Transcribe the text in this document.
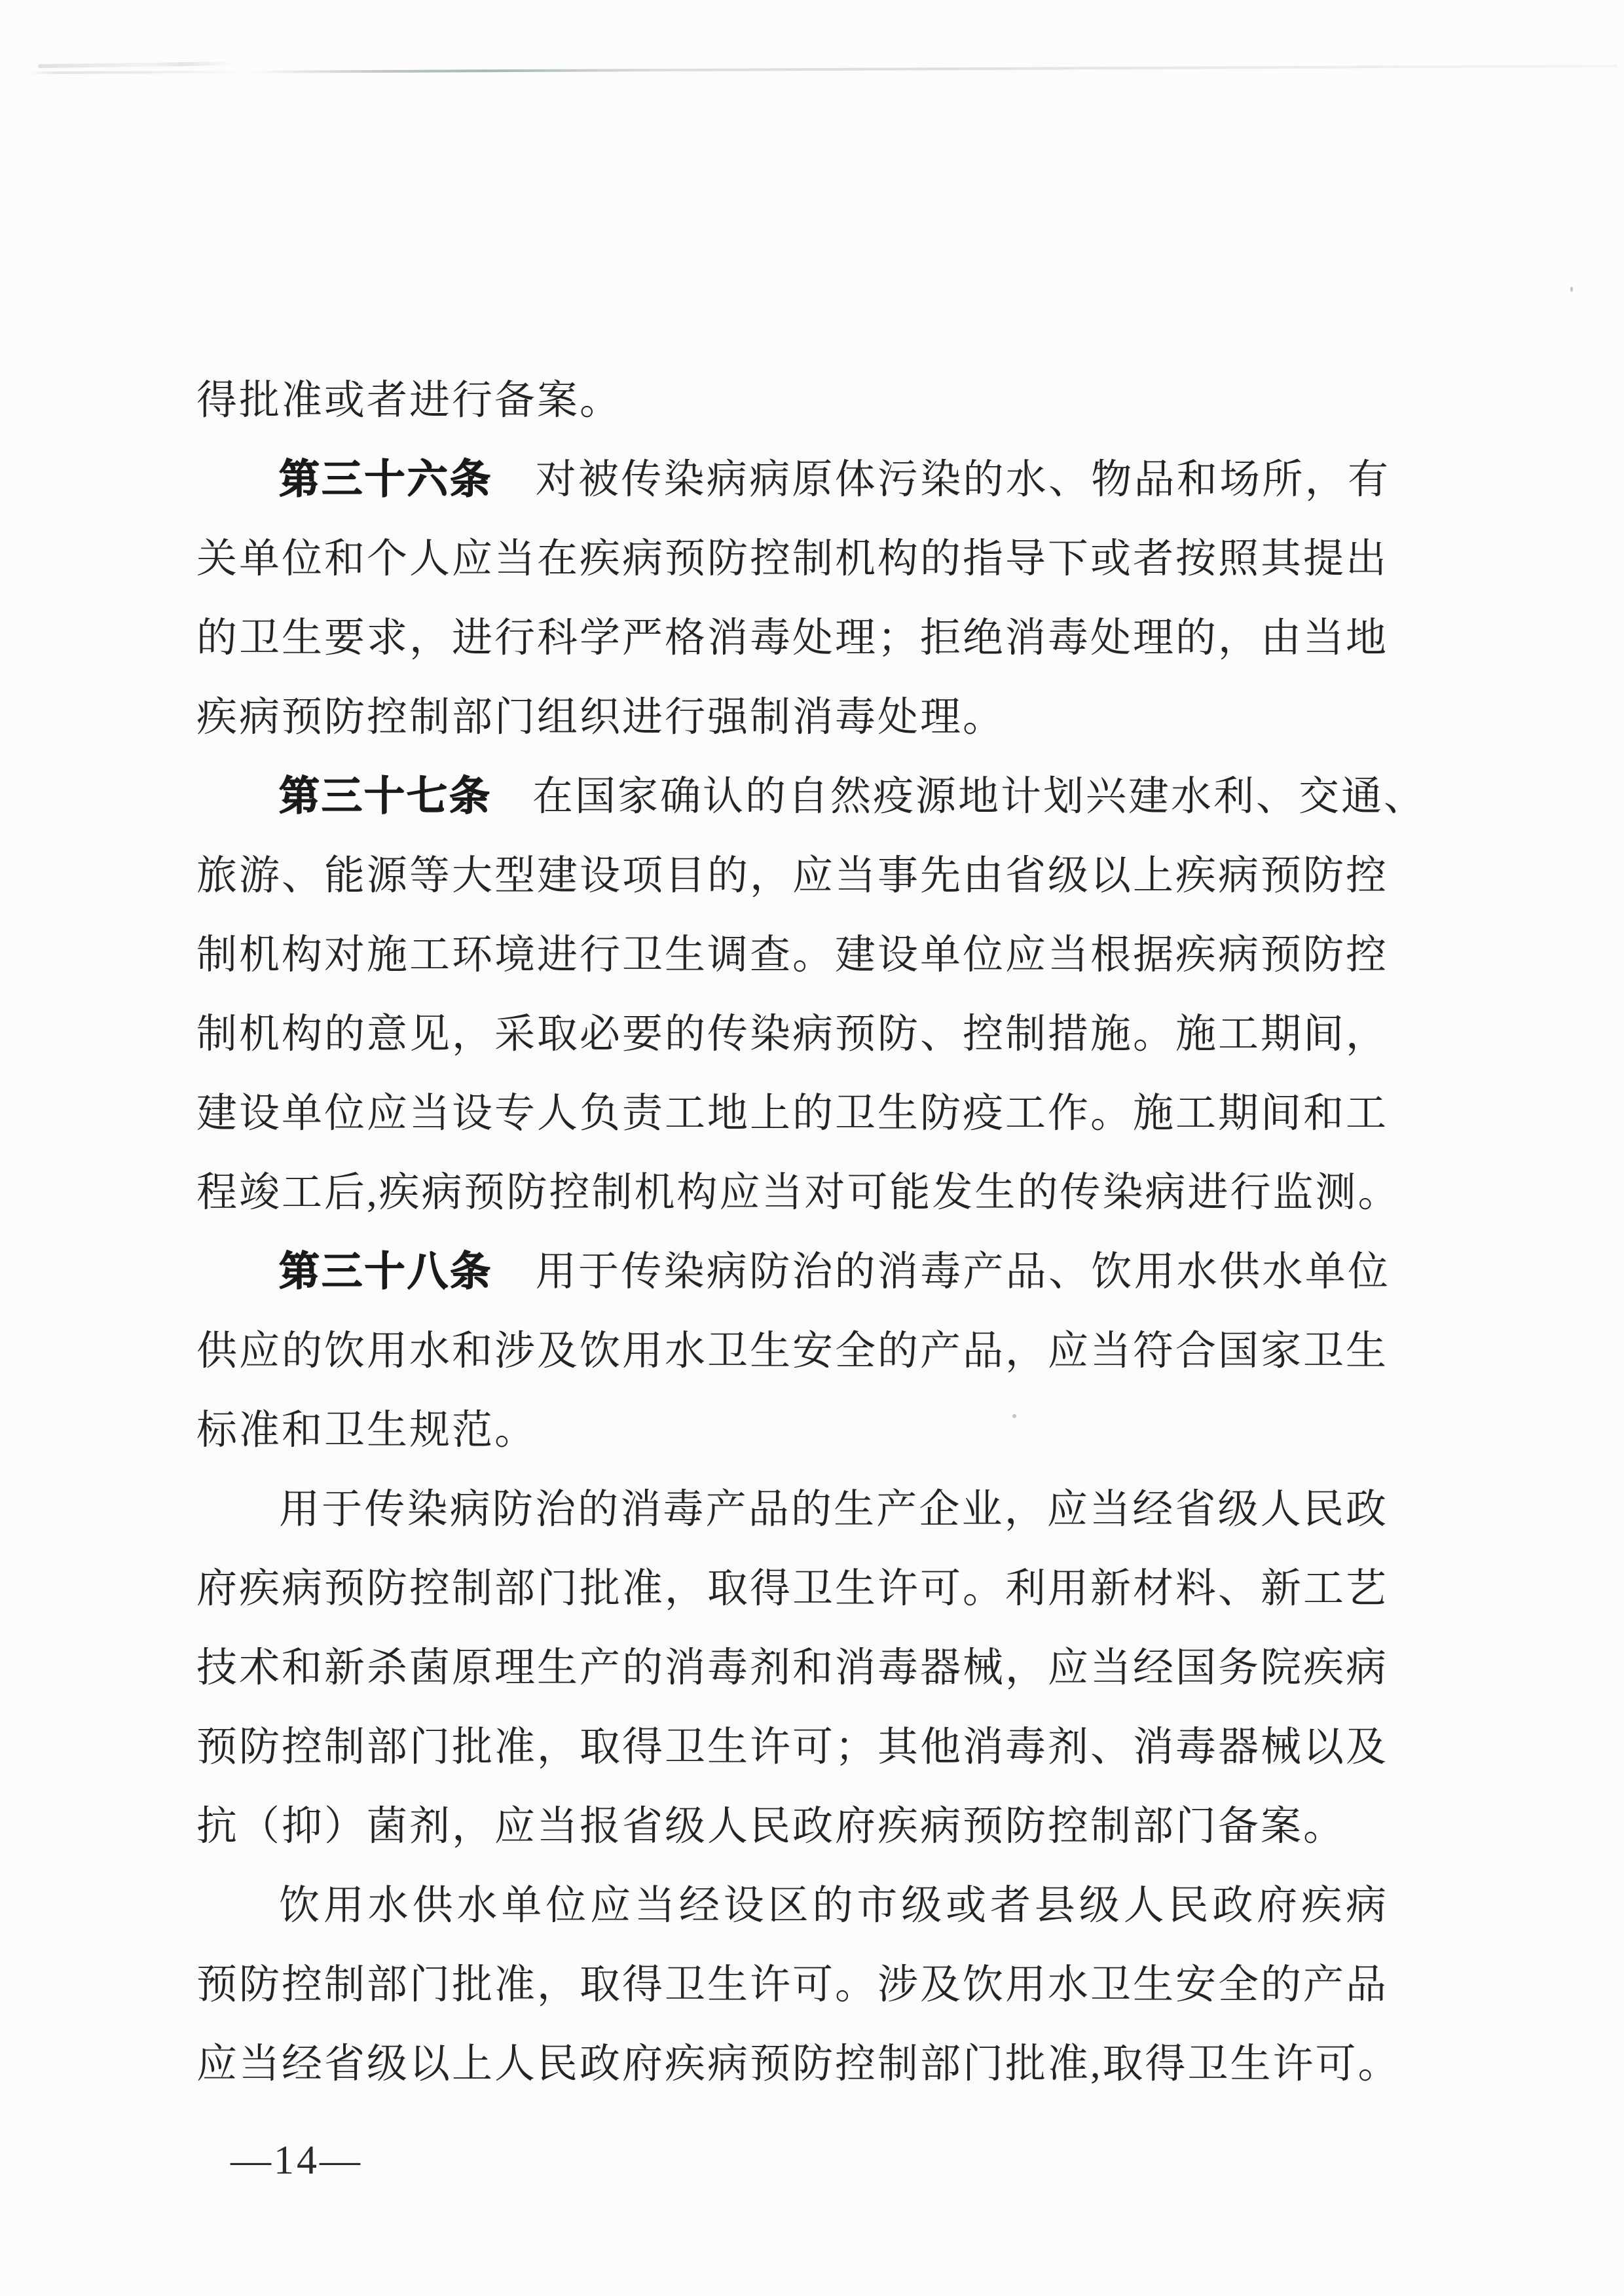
得批准或者进行备案。
第三十六条 对被传染病病原体污染的水、物品和场所，有
关单位和个人应当在疾病预防控制机构的指导下或者按照其提出
的卫生要求，进行科学严格消毒处理；拒绝消毒处理的，由当地
疾病预防控制部门组织进行强制消毒处理。
第三十七条 在国家确认的自然疫源地计划兴建水利、交通、
旅游、能源等大型建设项目的，应当事先由省级以上疾病预防控
制机构对施工环境进行卫生调查。建设单位应当根据疾病预防控
制机构的意见，采取必要的传染病预防、控制措施。施工期间，
建设单位应当设专人负责工地上的卫生防疫工作。施工期间和工
程竣工后,疾病预防控制机构应当对可能发生的传染病进行监测。
第三十八条 用于传染病防治的消毒产品、饮用水供水单位
供应的饮用水和涉及饮用水卫生安全的产品，应当符合国家卫生
标准和卫生规范。
用于传染病防治的消毒产品的生产企业，应当经省级人民政
府疾病预防控制部门批准，取得卫生许可。利用新材料、新工艺
技术和新杀菌原理生产的消毒剂和消毒器械，应当经国务院疾病
预防控制部门批准，取得卫生许可；其他消毒剂、消毒器械以及
抗（抑）菌剂，应当报省级人民政府疾病预防控制部门备案。
饮用水供水单位应当经设区的市级或者县级人民政府疾病
预防控制部门批准，取得卫生许可。涉及饮用水卫生安全的产品
应当经省级以上人民政府疾病预防控制部门批准,取得卫生许可。
—14—
